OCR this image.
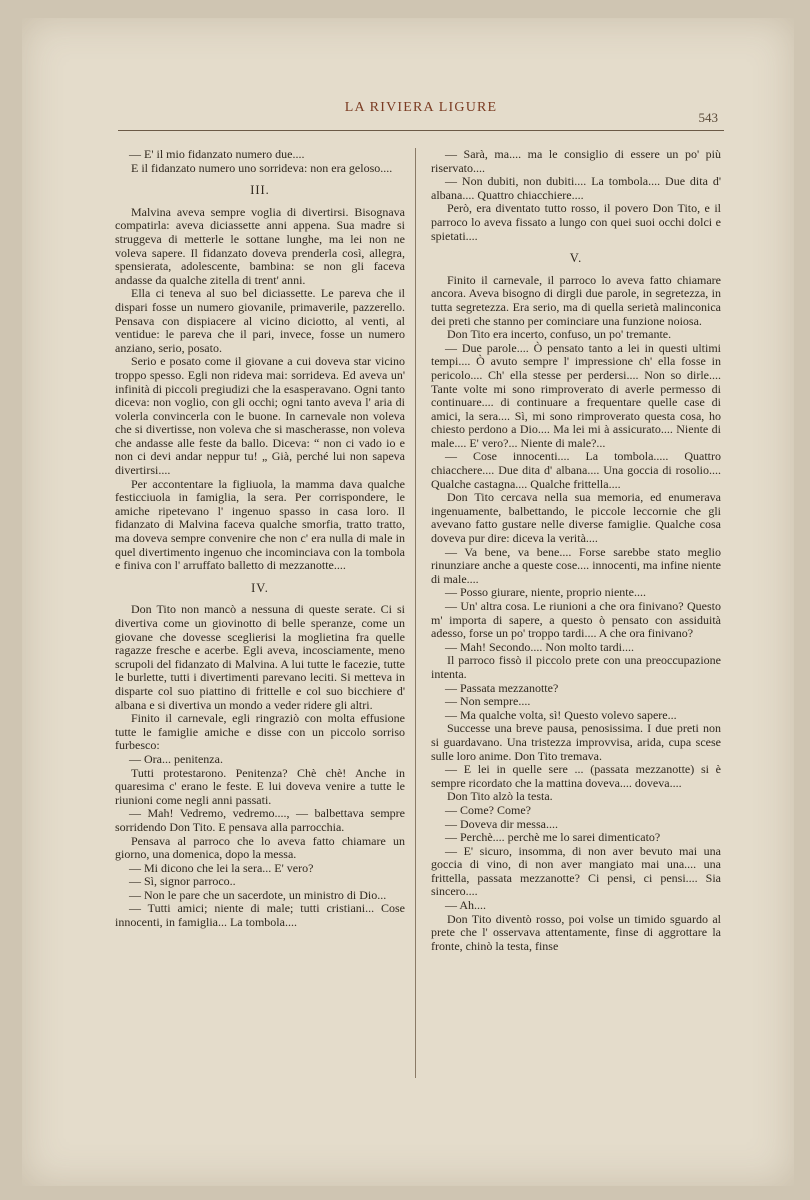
LA RIVIERA LIGURE
543

— E' il mio fidanzato numero due....

E il fidanzato numero uno sorrideva: non era geloso....

III.

Malvina aveva sempre voglia di divertirsi. Bisognava compatirla: aveva diciassette anni appena. Sua madre si struggeva di metterle le sottane lunghe, ma lei non ne voleva sapere. Il fidanzato doveva prenderla così, allegra, spensierata, adolescente, bambina: se non gli faceva andasse da qualche zitella di trent' anni.

Ella ci teneva al suo bel diciassette. Le pareva che il dispari fosse un numero giovanile, primaverile, pazzerello. Pensava con dispiacere al vicino diciotto, al venti, al ventidue: le pareva che il pari, invece, fosse un numero anziano, serio, posato.

Serio e posato come il giovane a cui doveva star vicino troppo spesso. Egli non rideva mai: sorrideva. Ed aveva un' infinità di piccoli pregiudizi che la esasperavano. Ogni tanto diceva: non voglio, con gli occhi; ogni tanto aveva l' aria di volerla convincerla con le buone. In carnevale non voleva che si divertisse, non voleva che si mascherasse, non voleva che andasse alle feste da ballo. Diceva: “ non ci vado io e non ci devi andar neppur tu! „ Già, perché lui non sapeva divertirsi....

Per accontentare la figliuola, la mamma dava qualche festicciuola in famiglia, la sera. Per corrispondere, le amiche ripetevano l' ingenuo spasso in casa loro. Il fidanzato di Malvina faceva qualche smorfia, tratto tratto, ma doveva sempre convenire che non c' era nulla di male in quel divertimento ingenuo che incominciava con la tombola e finiva con l' arruffato balletto di mezzanotte....

IV.

Don Tito non mancò a nessuna di queste serate. Ci si divertiva come un giovinotto di belle speranze, come un giovane che dovesse sceglierisi la moglietina fra quelle ragazze fresche e acerbe. Egli aveva, incosciamente, meno scrupoli del fidanzato di Malvina. A lui tutte le facezie, tutte le burlette, tutti i divertimenti parevano leciti. Si metteva in disparte col suo piattino di frittelle e col suo bicchiere d' albana e si divertiva un mondo a veder ridere gli altri.

Finito il carnevale, egli ringraziò con molta effusione tutte le famiglie amiche e disse con un piccolo sorriso furbesco:

— Ora... penitenza.

Tutti protestarono. Penitenza? Chè chè! Anche in quaresima c' erano le feste. E lui doveva venire a tutte le riunioni come negli anni passati.

— Mah! Vedremo, vedremo...., — balbettava sempre sorridendo Don Tito. E pensava alla parrocchia.

Pensava al parroco che lo aveva fatto chiamare un giorno, una domenica, dopo la messa.

— Mi dicono che lei la sera... E' vero?

— Sì, signor parroco..

— Non le pare che un sacerdote, un ministro di Dio...

— Tutti amici; niente di male; tutti cristiani... Cose innocenti, in famiglia... La tombola....

— Sarà, ma.... ma le consiglio di essere un po' più riservato....

— Non dubiti, non dubiti.... La tombola.... Due dita d' albana.... Quattro chiacchiere....

Però, era diventato tutto rosso, il povero Don Tito, e il parroco lo aveva fissato a lungo con quei suoi occhi dolci e spietati....

V.

Finito il carnevale, il parroco lo aveva fatto chiamare ancora. Aveva bisogno di dirgli due parole, in segretezza, in tutta segretezza. Era serio, ma di quella serietà malinconica dei preti che stanno per cominciare una funzione noiosa.

Don Tito era incerto, confuso, un po' tremante.

— Due parole.... Ò pensato tanto a lei in questi ultimi tempi.... Ò avuto sempre l' impressione ch' ella fosse in pericolo.... Ch' ella stesse per perdersi.... Non so dirle.... Tante volte mi sono rimproverato di averle permesso di continuare.... di continuare a frequentare quelle case di amici, la sera.... Sì, mi sono rimproverato questa cosa, ho chiesto perdono a Dio.... Ma lei mi à assicurato.... Niente di male.... E' vero?... Niente di male?...

— Cose innocenti.... La tombola..... Quattro chiacchere.... Due dita d' albana.... Una goccia di rosolio.... Qualche castagna.... Qualche frittella....

Don Tito cercava nella sua memoria, ed enumerava ingenuamente, balbettando, le piccole leccornie che gli avevano fatto gustare nelle diverse famiglie. Qualche cosa doveva pur dire: diceva la verità....

— Va bene, va bene.... Forse sarebbe stato meglio rinunziare anche a queste cose.... innocenti, ma infine niente di male....

— Posso giurare, niente, proprio niente....

— Un' altra cosa. Le riunioni a che ora finivano? Questo m' importa di sapere, a questo ò pensato con assiduità adesso, forse un po' troppo tardi.... A che ora finivano?

— Mah! Secondo.... Non molto tardi....

Il parroco fissò il piccolo prete con una preoccupazione intenta.

— Passata mezzanotte?

— Non sempre....

— Ma qualche volta, sì! Questo volevo sapere...

Successe una breve pausa, penosissima. I due preti non si guardavano. Una tristezza improvvisa, arida, cupa scese sulle loro anime. Don Tito tremava.

— E lei in quelle sere ... (passata mezzanotte) si è sempre ricordato che la mattina doveva.... doveva....

Don Tito alzò la testa.

— Come? Come?

— Doveva dir messa....

— Perchè.... perchè me lo sarei dimenticato?

— E' sicuro, insomma, di non aver bevuto mai una goccia di vino, di non aver mangiato mai una.... una frittella, passata mezzanotte? Ci pensi, ci pensi.... Sia sincero....

— Ah....

Don Tito diventò rosso, poi volse un timido sguardo al prete che l' osservava attentamente, finse di aggrottare la fronte, chinò la testa, finse
